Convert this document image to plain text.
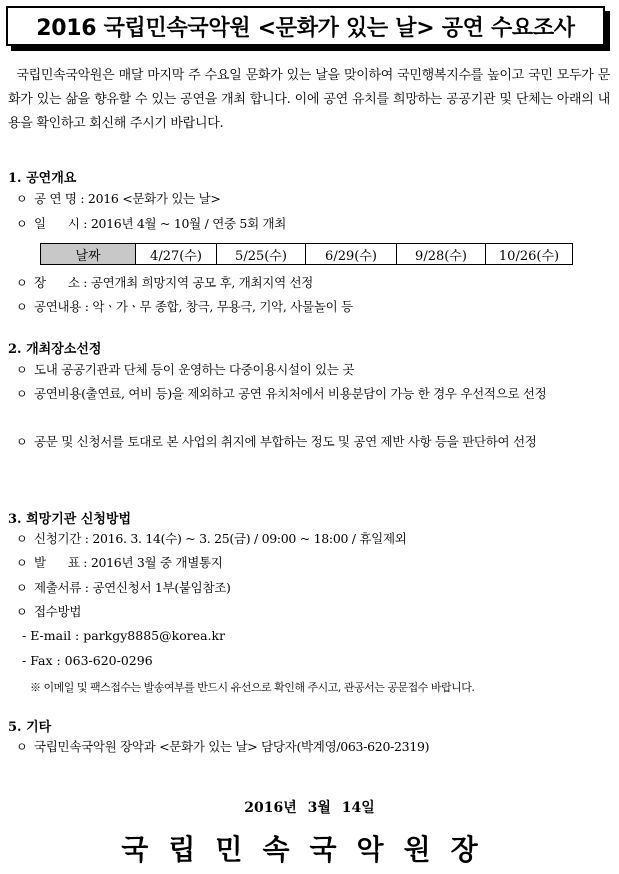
2016 국립민속국악원 <문화가 있는 날> 공연 수요조사
국립민속국악원은 매달 마지막 주 수요일 문화가 있는 날을 맞이하여 국민행복지수를 높이고 국민 모두가 문화가 있는 삶을 향유할 수 있는 공연을 개최 합니다. 이에 공연 유치를 희망하는 공공기관 및 단체는 아래의 내용을 확인하고 회신해 주시기 바랍니다.
1. 공연개요
ㅇ 공 연 명 : 2016 <문화가 있는 날>
ㅇ 일      시 : 2016년 4월 ~ 10월 / 연중 5회 개최
날짜	4/27(수)	5/25(수)	6/29(수)	9/28(수)	10/26(수)
ㅇ 장      소 : 공연개최 희망지역 공모 후, 개최지역 선정
ㅇ 공연내용 : 악ㆍ가ㆍ무 종합, 창극, 무용극, 기악, 사물놀이 등
2. 개최장소선정
ㅇ 도내 공공기관과 단체 등이 운영하는 다중이용시설이 있는 곳
ㅇ 공연비용(출연료, 여비 등)을 제외하고 공연 유치처에서 비용분담이 가능 한 경우 우선적으로 선정
ㅇ 공문 및 신청서를 토대로 본 사업의 취지에 부합하는 정도 및 공연 제반 사항 등을 판단하여 선정
3. 희망기관 신청방법
ㅇ 신청기간 : 2016. 3. 14(수) ~ 3. 25(금) / 09:00 ~ 18:00 / 휴일제외
ㅇ 발      표 : 2016년 3월 중 개별통지
ㅇ 제출서류 : 공연신청서 1부(붙임참조)
ㅇ 접수방법
- E-mail : parkgy8885@korea.kr
- Fax : 063-620-0296
※ 이메일 및 팩스접수는 발송여부를 반드시 유선으로 확인해 주시고, 관공서는 공문접수 바랍니다.
5. 기타
ㅇ 국립민속국악원 장악과 <문화가 있는 날> 담당자(박계영/063-620-2319)
2016년 3월 14일
국립민속국악원장
